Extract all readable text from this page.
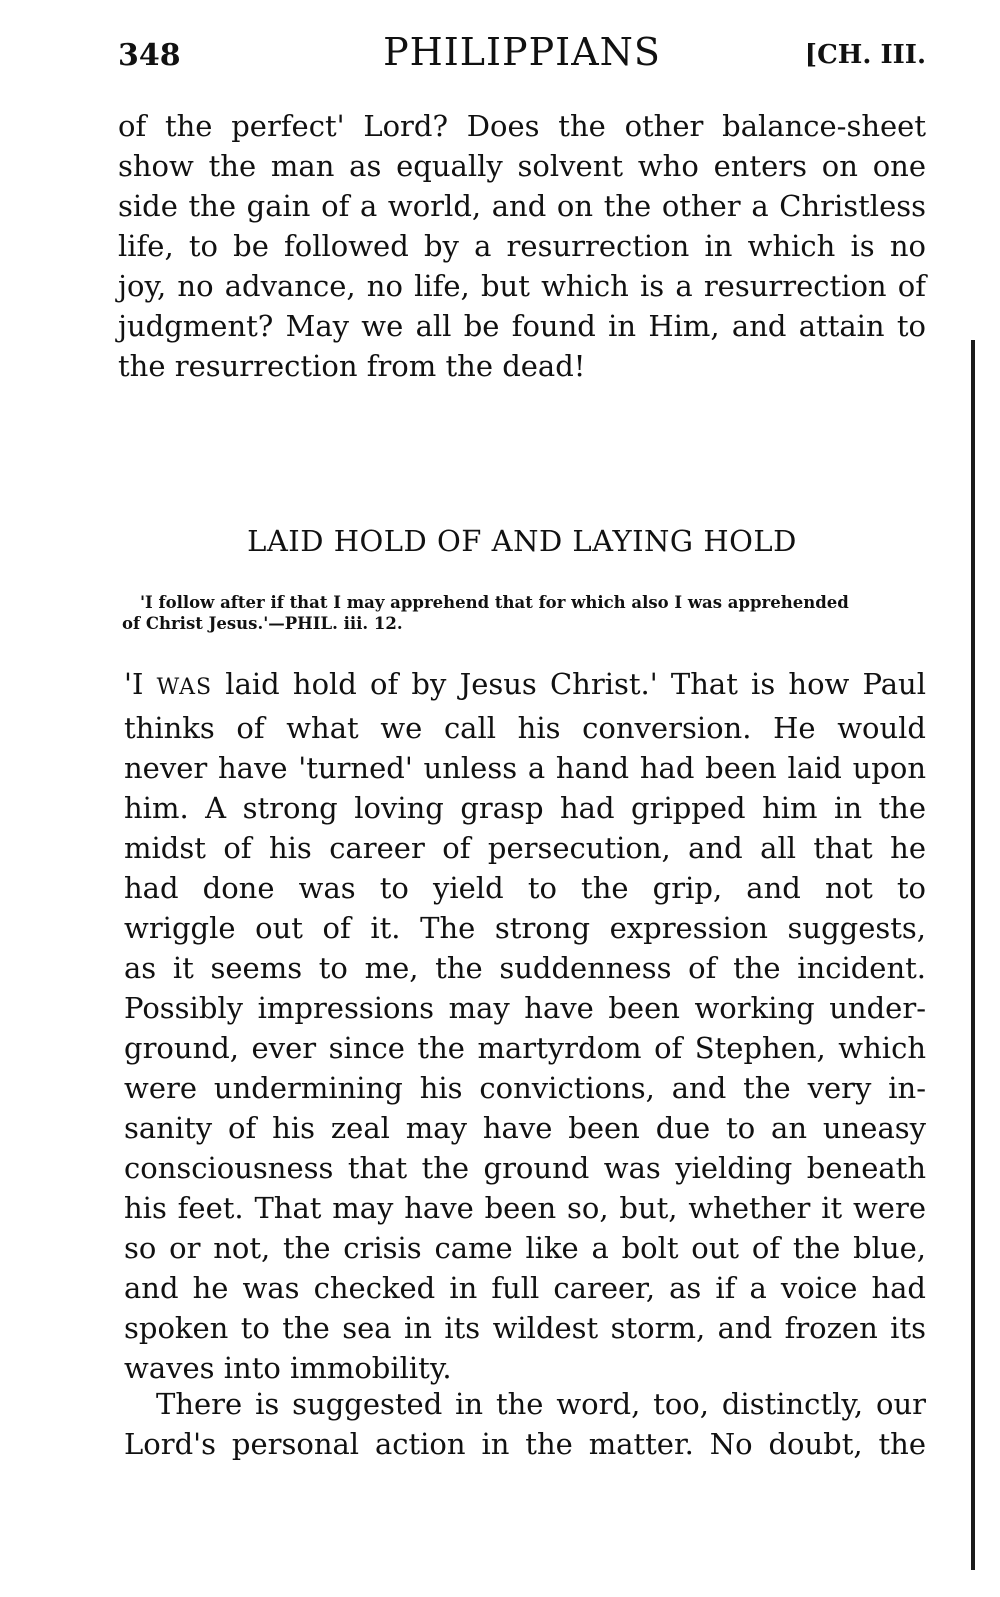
348	PHILIPPIANS	[CH. III.

of the perfect' Lord? Does the other balance-sheet

show the man as equally solvent who enters on one

side the gain of a world, and on the other a Christless

life, to be followed by a resurrection in which is no

joy, no advance, no life, but which is a resurrection of

judgment? May we all be found in Him, and attain to

the resurrection from the dead!

LAID HOLD OF AND LAYING HOLD

'I follow after if that I may apprehend that for which also I was apprehended

of Christ Jesus.'—PHIL. iii. 12.

'I WAS laid hold of by Jesus Christ.' That is how Paul

thinks of what we call his conversion. He would

never have 'turned' unless a hand had been laid upon

him. A strong loving grasp had gripped him in the

midst of his career of persecution, and all that he

had done was to yield to the grip, and not to

wriggle out of it. The strong expression suggests,

as it seems to me, the suddenness of the incident.

Possibly impressions may have been working under-

ground, ever since the martyrdom of Stephen, which

were undermining his convictions, and the very in-

sanity of his zeal may have been due to an uneasy

consciousness that the ground was yielding beneath

his feet. That may have been so, but, whether it were

so or not, the crisis came like a bolt out of the blue,

and he was checked in full career, as if a voice had

spoken to the sea in its wildest storm, and frozen its

waves into immobility.

There is suggested in the word, too, distinctly, our

Lord's personal action in the matter. No doubt, the
